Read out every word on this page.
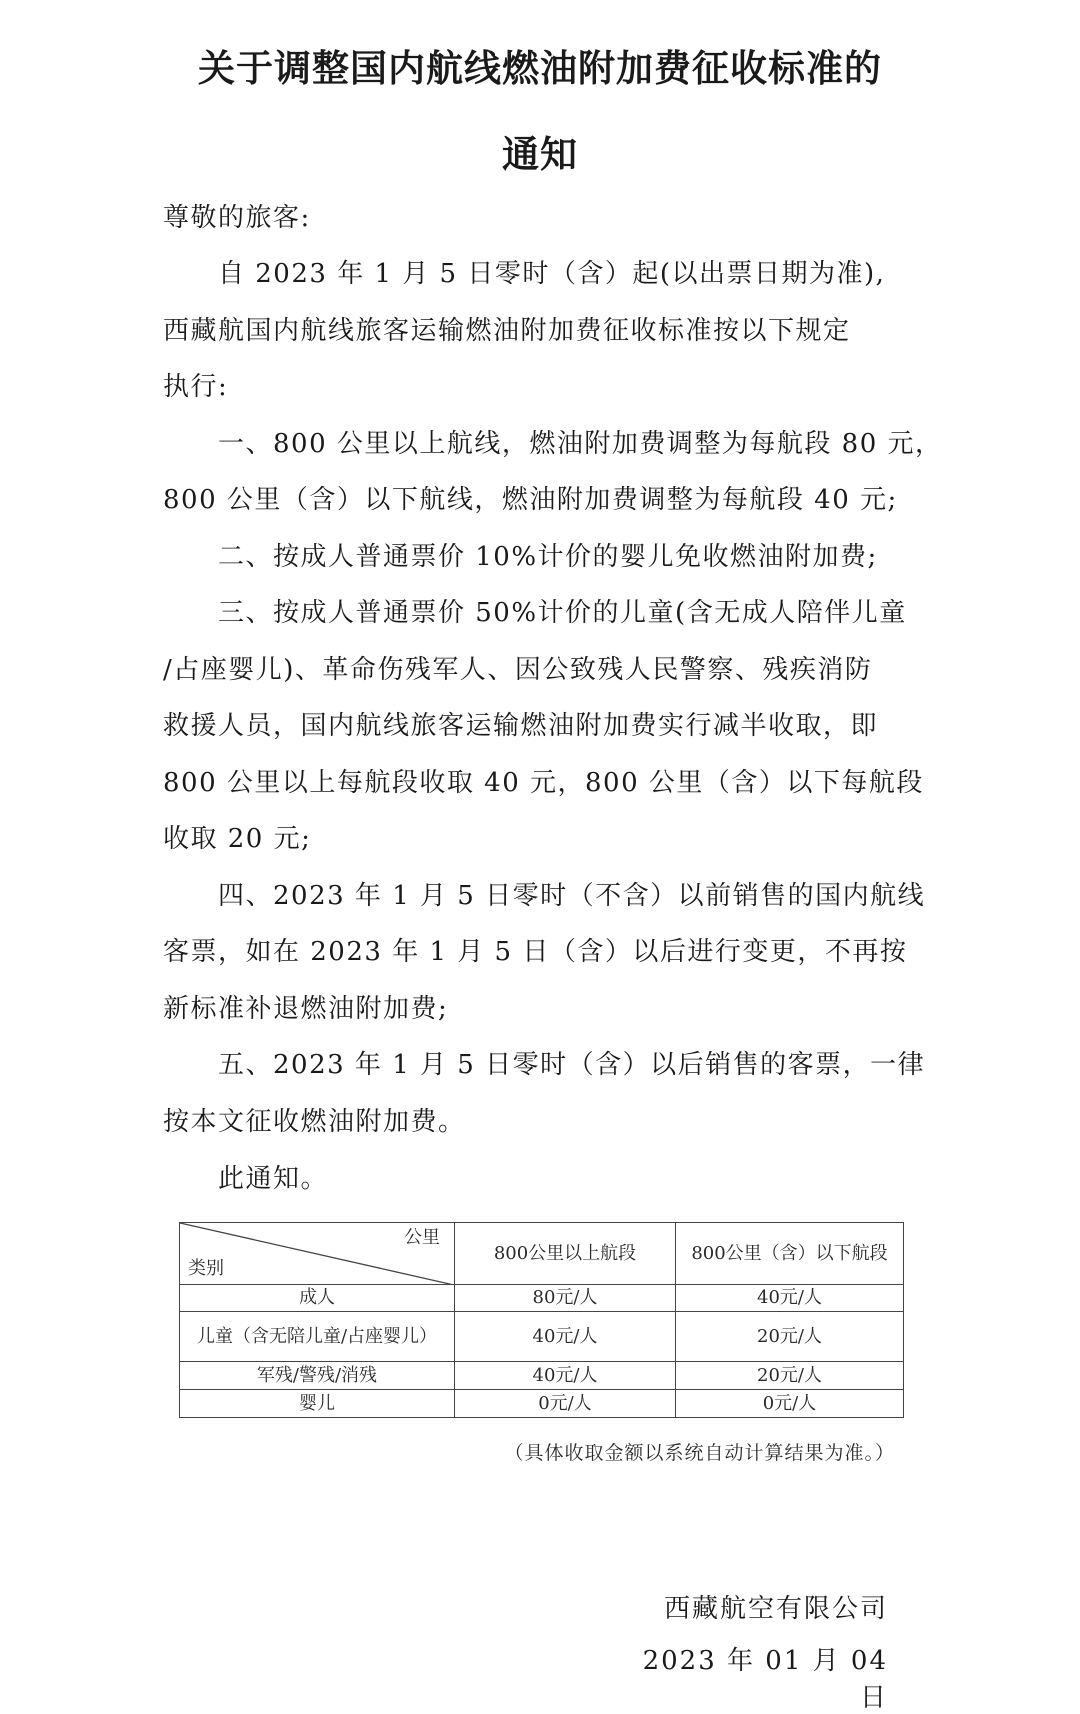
关于调整国内航线燃油附加费征收标准的
通知

尊敬的旅客:

　　自 2023 年 1 月 5 日零时（含）起(以出票日期为准),

西藏航国内航线旅客运输燃油附加费征收标准按以下规定

执行:

　　一、800 公里以上航线，燃油附加费调整为每航段 80 元，

800 公里（含）以下航线，燃油附加费调整为每航段 40 元;

　　二、按成人普通票价 10%计价的婴儿免收燃油附加费;

　　三、按成人普通票价 50%计价的儿童(含无成人陪伴儿童

/占座婴儿)、革命伤残军人、因公致残人民警察、残疾消防

救援人员，国内航线旅客运输燃油附加费实行减半收取，即

800 公里以上每航段收取 40 元，800 公里（含）以下每航段

收取 20 元;

　　四、2023 年 1 月 5 日零时（不含）以前销售的国内航线

客票，如在 2023 年 1 月 5 日（含）以后进行变更，不再按

新标准补退燃油附加费;

　　五、2023 年 1 月 5 日零时（含）以后销售的客票，一律

按本文征收燃油附加费。

　　此通知。

公里
类别	800公里以上航段	800公里（含）以下航段
成人	80元/人	40元/人
儿童（含无陪儿童/占座婴儿）	40元/人	20元/人
军残/警残/消残	40元/人	20元/人
婴儿	0元/人	0元/人

（具体收取金额以系统自动计算结果为准。）

西藏航空有限公司

2023 年 01 月 04 日
